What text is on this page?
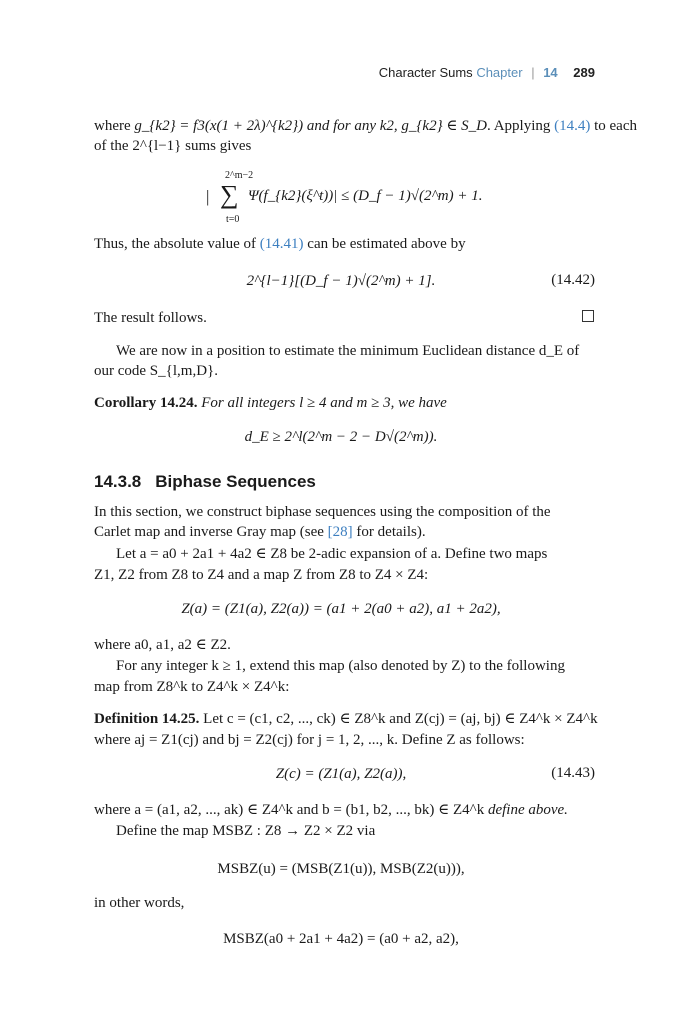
Character Sums Chapter | 14 289
where g_{k2} = f3(x(1 + 2λ)^{k2}) and for any k2, g_{k2} ∈ S_D. Applying (14.4) to each
of the 2^{l−1} sums gives
2^m−2
| ∑ Ψ(f_{k2}(ξ^t))| ≤ (D_f − 1)√(2^m) + 1.
t=0
Thus, the absolute value of (14.41) can be estimated above by
2^{l−1}[(D_f − 1)√(2^m) + 1].	(14.42)
The result follows.
We are now in a position to estimate the minimum Euclidean distance d_E of
our code S_{l,m,D}.
Corollary 14.24. For all integers l ≥ 4 and m ≥ 3, we have
d_E ≥ 2^l(2^m − 2 − D√(2^m)).
14.3.8 Biphase Sequences
In this section, we construct biphase sequences using the composition of the
Carlet map and inverse Gray map (see [28] for details).
Let a = a0 + 2a1 + 4a2 ∈ Z8 be 2-adic expansion of a. Define two maps
Z1, Z2 from Z8 to Z4 and a map Z from Z8 to Z4 × Z4:
Z(a) = (Z1(a), Z2(a)) = (a1 + 2(a0 + a2), a1 + 2a2),
where a0, a1, a2 ∈ Z2.
For any integer k ≥ 1, extend this map (also denoted by Z) to the following
map from Z8^k to Z4^k × Z4^k:
Definition 14.25. Let c = (c1, c2, ..., ck) ∈ Z8^k and Z(cj) = (aj, bj) ∈ Z4^k × Z4^k
where aj = Z1(cj) and bj = Z2(cj) for j = 1, 2, ..., k. Define Z as follows:
Z(c) = (Z1(a), Z2(a)),	(14.43)
where a = (a1, a2, ..., ak) ∈ Z4^k and b = (b1, b2, ..., bk) ∈ Z4^k define above.
Define the map MSBZ : Z8 → Z2 × Z2 via
MSBZ(u) = (MSB(Z1(u)), MSB(Z2(u))),
in other words,
MSBZ(a0 + 2a1 + 4a2) = (a0 + a2, a2),
